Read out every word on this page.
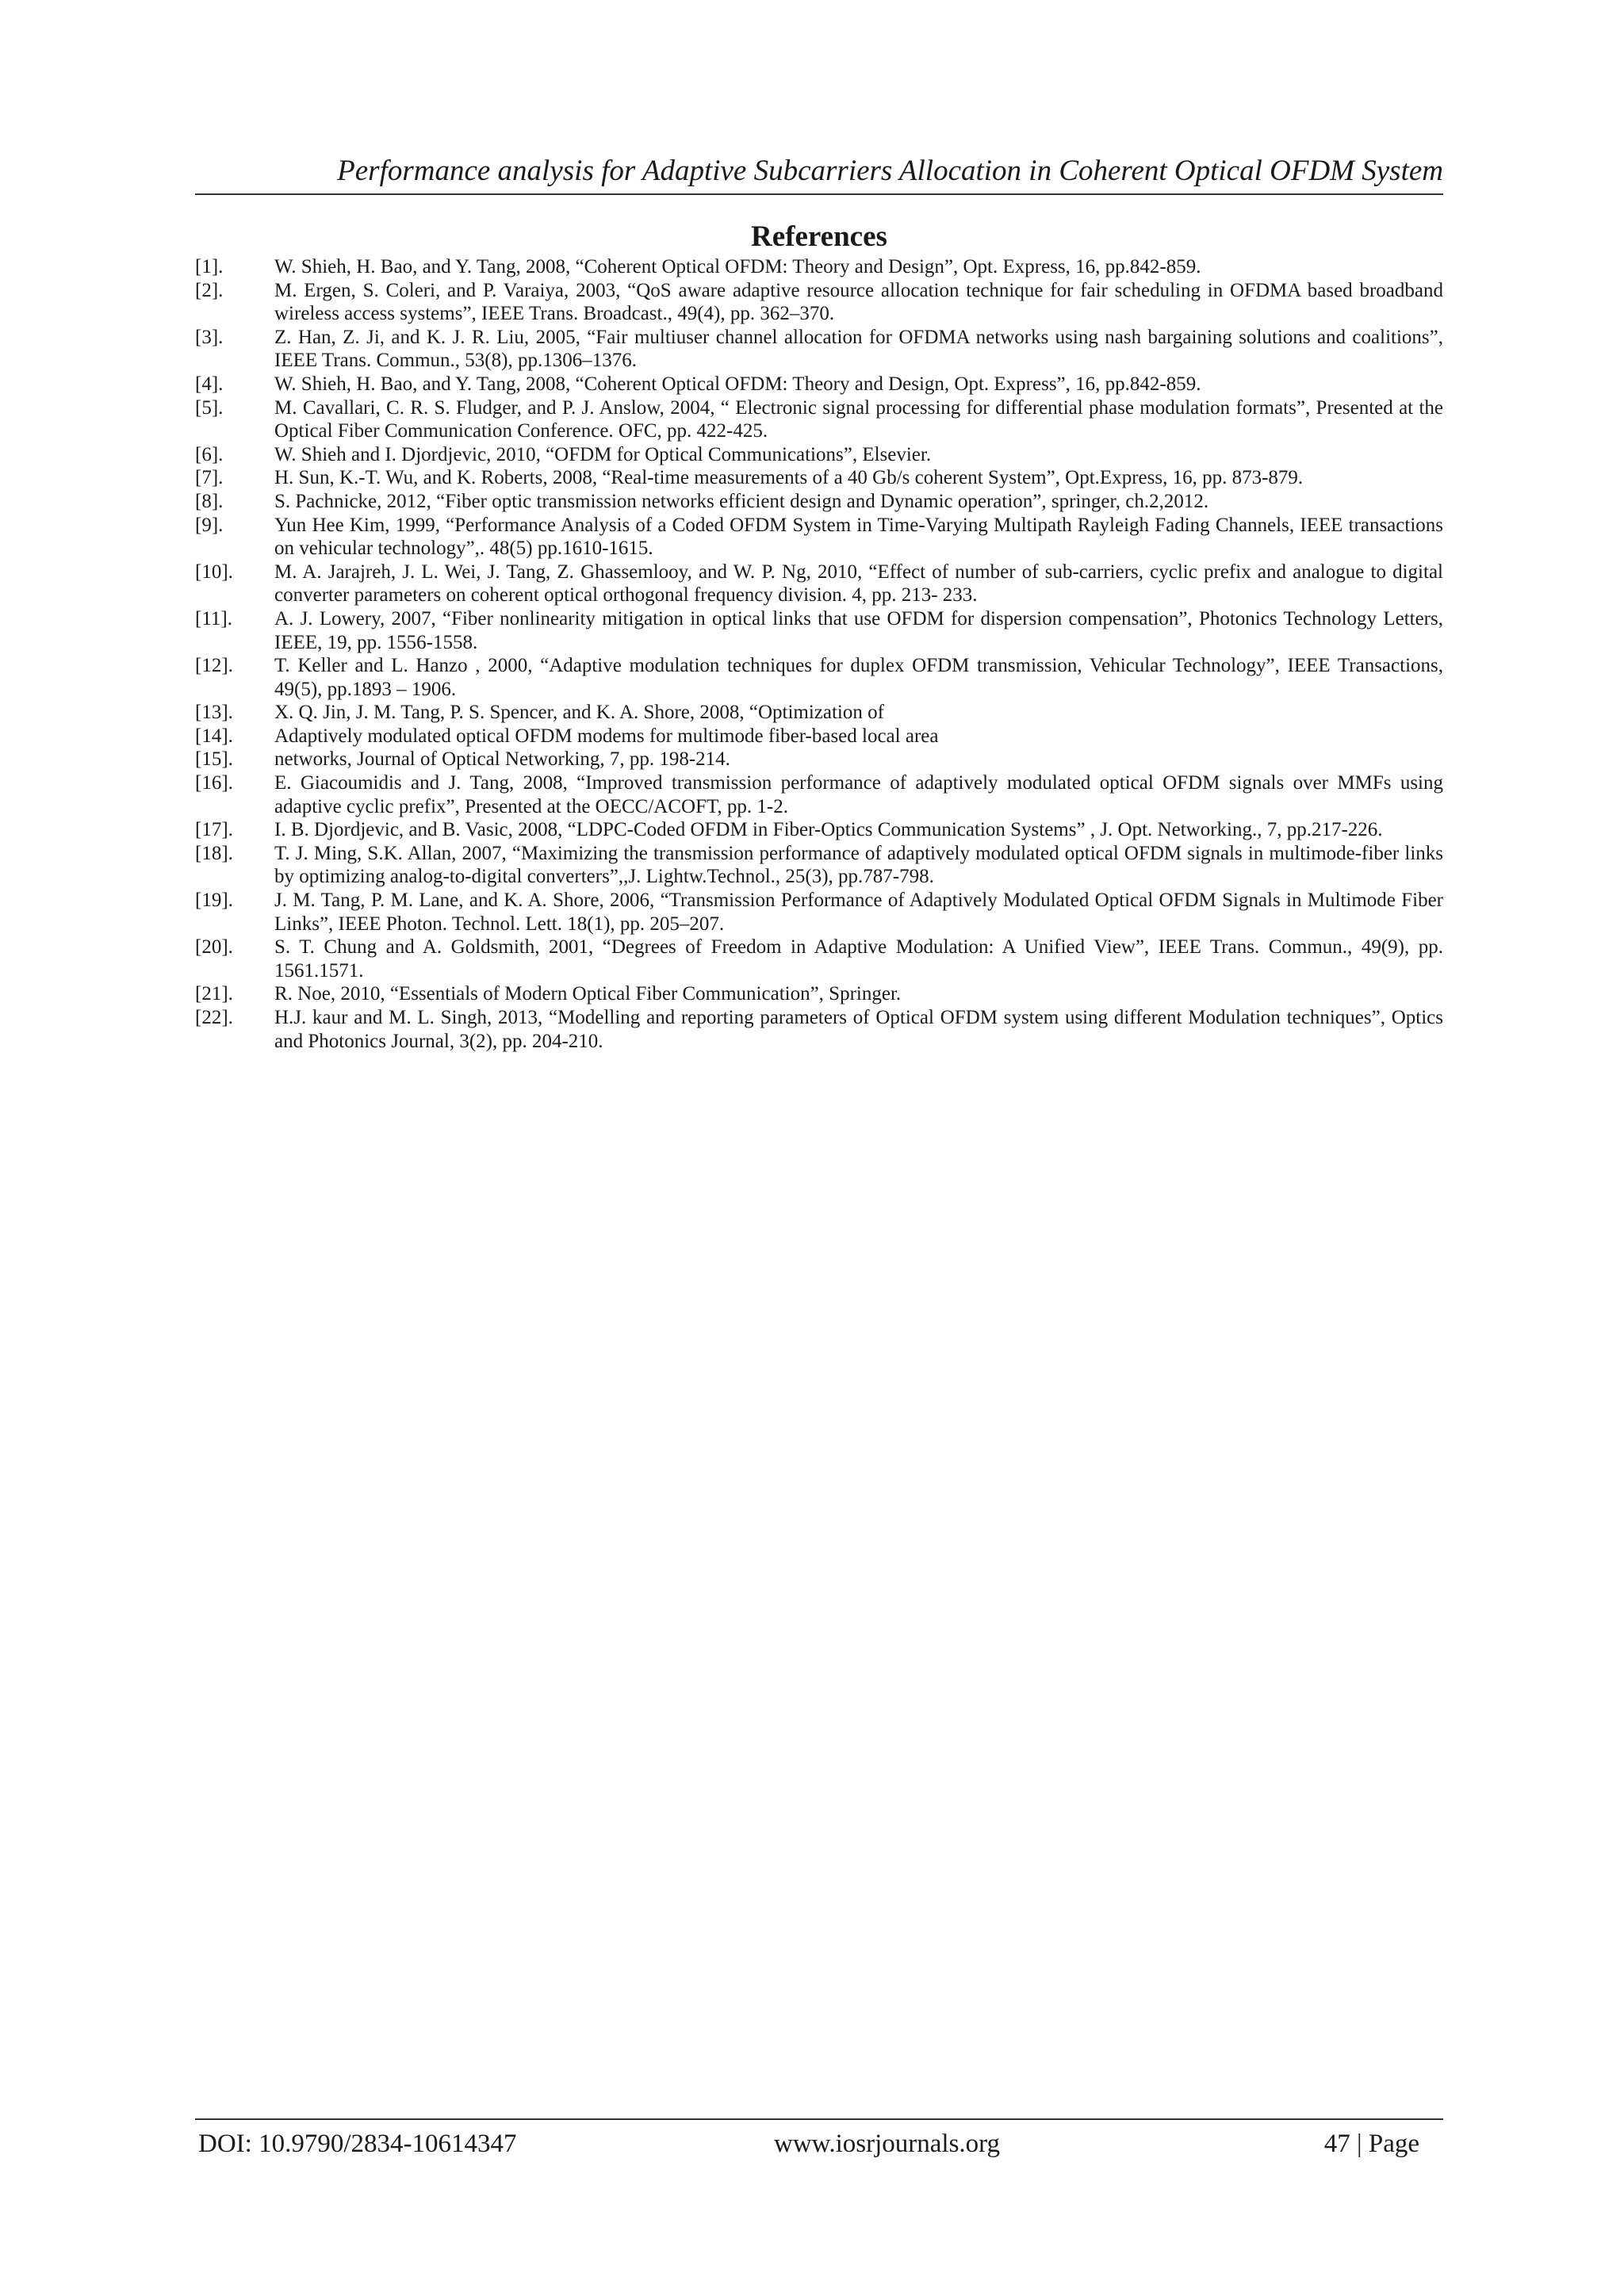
Performance analysis for Adaptive Subcarriers Allocation in Coherent Optical OFDM System
References
[1].	W. Shieh, H. Bao, and Y. Tang, 2008, “Coherent Optical OFDM: Theory and Design”, Opt. Express, 16, pp.842-859.
[2].	M. Ergen, S. Coleri, and P. Varaiya, 2003, “QoS aware adaptive resource allocation technique for fair scheduling in OFDMA based broadband wireless access systems”, IEEE Trans. Broadcast., 49(4), pp. 362–370.
[3].	Z. Han, Z. Ji, and K. J. R. Liu, 2005, “Fair multiuser channel allocation for OFDMA networks using nash bargaining solutions and coalitions”, IEEE Trans. Commun., 53(8), pp.1306–1376.
[4].	W. Shieh, H. Bao, and Y. Tang, 2008, “Coherent Optical OFDM: Theory and Design, Opt. Express”, 16, pp.842-859.
[5].	M. Cavallari, C. R. S. Fludger, and P. J. Anslow, 2004, “ Electronic signal processing for differential phase modulation formats”, Presented at the Optical Fiber Communication Conference. OFC, pp. 422-425.
[6].	W. Shieh and I. Djordjevic, 2010, “OFDM for Optical Communications”, Elsevier.
[7].	H. Sun, K.-T. Wu, and K. Roberts, 2008, “Real-time measurements of a 40 Gb/s coherent System”, Opt.Express, 16, pp. 873-879.
[8].	S. Pachnicke, 2012, “Fiber optic transmission networks efficient design and Dynamic operation”, springer, ch.2,2012.
[9].	Yun Hee Kim, 1999, “Performance Analysis of a Coded OFDM System in Time-Varying Multipath Rayleigh Fading Channels, IEEE transactions on vehicular technology”,. 48(5) pp.1610-1615.
[10].	M. A. Jarajreh, J. L. Wei, J. Tang, Z. Ghassemlooy, and W. P. Ng, 2010, “Effect of number of sub-carriers, cyclic prefix and analogue to digital converter parameters on coherent optical orthogonal frequency division. 4, pp. 213- 233.
[11].	A. J. Lowery, 2007, “Fiber nonlinearity mitigation in optical links that use OFDM for dispersion compensation”, Photonics Technology Letters, IEEE, 19, pp. 1556-1558.
[12].	T. Keller and L. Hanzo , 2000, “Adaptive modulation techniques for duplex OFDM transmission, Vehicular Technology”, IEEE Transactions, 49(5), pp.1893 – 1906.
[13].	X. Q. Jin, J. M. Tang, P. S. Spencer, and K. A. Shore, 2008, “Optimization of
[14].	Adaptively modulated optical OFDM modems for multimode fiber-based local area
[15].	networks, Journal of Optical Networking, 7, pp. 198-214.
[16].	E. Giacoumidis and J. Tang, 2008, “Improved transmission performance of adaptively modulated optical OFDM signals over MMFs using adaptive cyclic prefix”, Presented at the OECC/ACOFT, pp. 1-2.
[17].	I. B. Djordjevic, and B. Vasic, 2008, “LDPC-Coded OFDM in Fiber-Optics Communication Systems” , J. Opt. Networking., 7, pp.217-226.
[18].	T. J. Ming, S.K. Allan, 2007, “Maximizing the transmission performance of adaptively modulated optical OFDM signals in multimode-fiber links by optimizing analog-to-digital converters”,,J. Lightw.Technol., 25(3), pp.787-798.
[19].	J. M. Tang, P. M. Lane, and K. A. Shore, 2006, “Transmission Performance of Adaptively Modulated Optical OFDM Signals in Multimode Fiber Links”, IEEE Photon. Technol. Lett. 18(1), pp. 205–207.
[20].	S. T. Chung and A. Goldsmith, 2001, “Degrees of Freedom in Adaptive Modulation: A Unified View”, IEEE Trans. Commun., 49(9), pp. 1561.1571.
[21].	R. Noe, 2010, “Essentials of Modern Optical Fiber Communication”, Springer.
[22].	H.J. kaur and M. L. Singh, 2013, “Modelling and reporting parameters of Optical OFDM system using different Modulation techniques”, Optics and Photonics Journal, 3(2), pp. 204-210.
DOI: 10.9790/2834-10614347	www.iosrjournals.org	47 | Page
